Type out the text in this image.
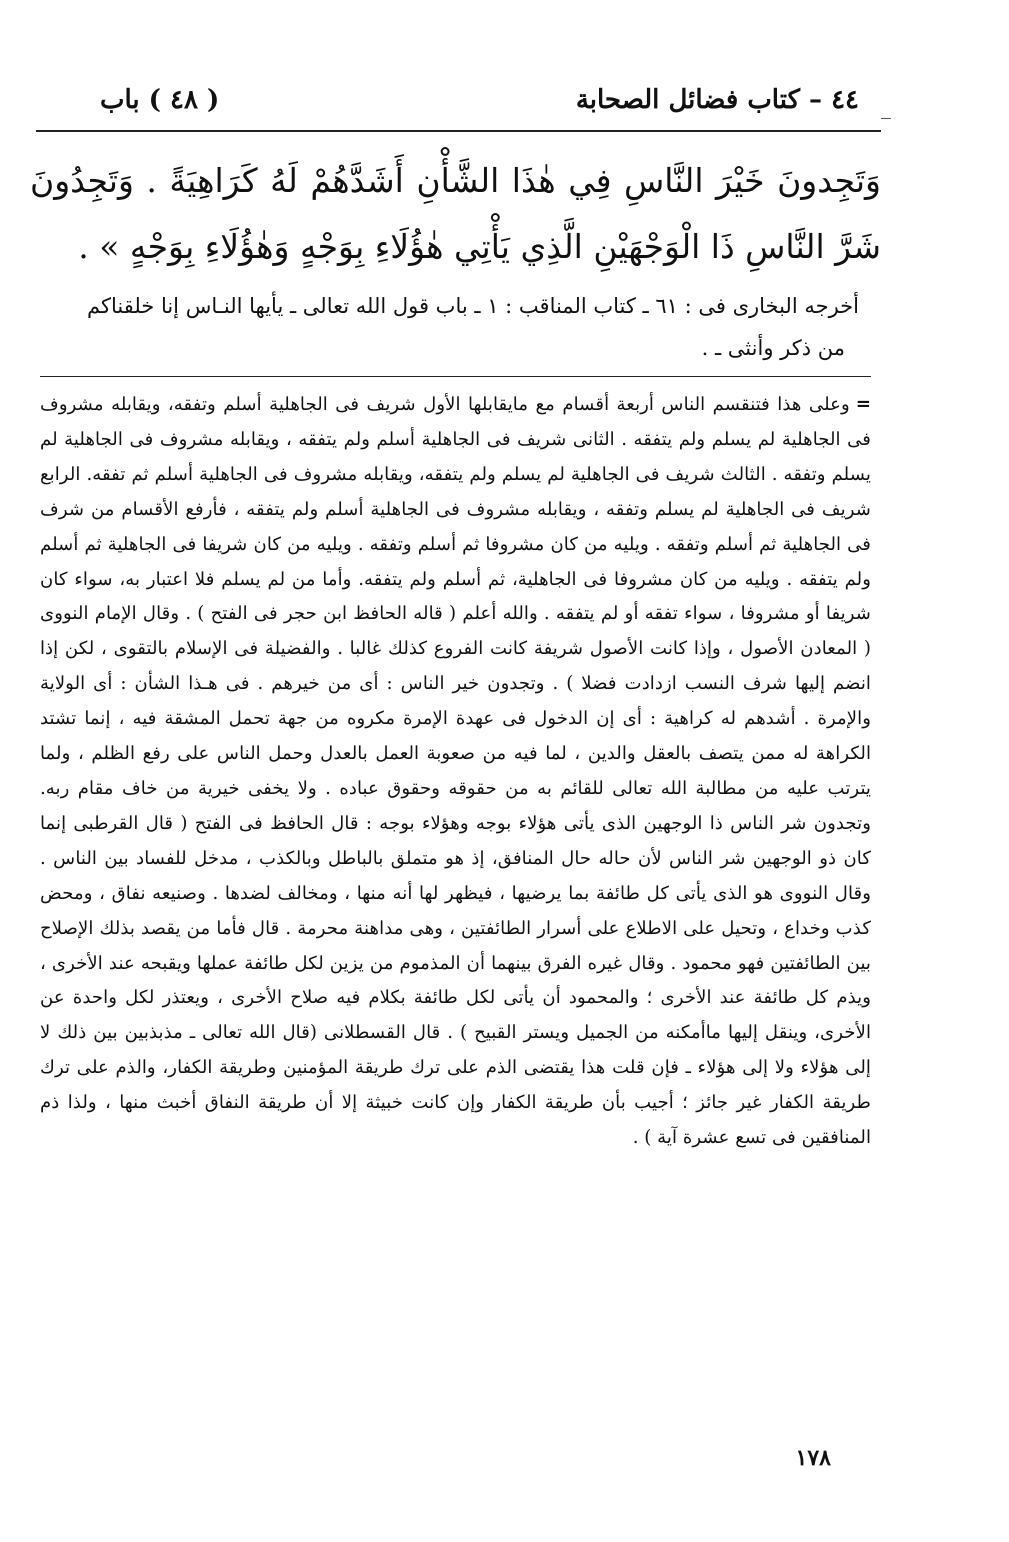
٤٤ – كتاب فضائل الصحابة
( ٤٨ ) باب
وَتَجِدونَ خَيْرَ النَّاسِ فِي هٰذَا الشَّأْنِ أَشَدَّهُمْ لَهُ كَرَاهِيَةً . وَتَجِدُونَ شَرَّ النَّاسِ ذَا الْوَجْهَيْنِ الَّذِي يَأْتِي هٰؤُلَاءِ بِوَجْهٍ وَهٰؤُلَاءِ بِوَجْهٍ » .
أخرجه البخارى فى : ٦١ ـ كتاب المناقب : ١ ـ باب قول الله تعالى ـ يأيها النـاس إنا خلقناكم
من ذكر وأنثى ـ .
=وعلى هذا فتنقسم الناس أربعة أقسام مع مايقابلها الأول شريف فى الجاهلية أسلم وتفقه، ويقابله مشروف فى الجاهلية لم يسلم ولم يتفقه . الثانى شريف فى الجاهلية أسلم ولم يتفقه ، ويقابله مشروف فى الجاهلية لم يسلم وتفقه . الثالث شريف فى الجاهلية لم يسلم ولم يتفقه، ويقابله مشروف فى الجاهلية أسلم ثم تفقه. الرابع شريف فى الجاهلية لم يسلم وتفقه ، ويقابله مشروف فى الجاهلية أسلم ولم يتفقه ، فأرفع الأقسام من شرف فى الجاهلية ثم أسلم وتفقه . ويليه من كان مشروفا ثم أسلم وتفقه . ويليه من كان شريفا فى الجاهلية ثم أسلم ولم يتفقه . ويليه من كان مشروفا فى الجاهلية، ثم أسلم ولم يتفقه. وأما من لم يسلم فلا اعتبار به، سواء كان شريفا أو مشروفا ، سواء تفقه أو لم يتفقه . والله أعلم ( قاله الحافظ ابن حجر فى الفتح ) . وقال الإمام النووى ( المعادن الأصول ، وإذا كانت الأصول شريفة كانت الفروع كذلك غالبا . والفضيلة فى الإسلام بالتقوى ، لكن إذا انضم إليها شرف النسب ازدادت فضلا ) . وتجدون خير الناس : أى من خيرهم . فى هـذا الشأن : أى الولاية والإمرة . أشدهم له كراهية : أى إن الدخول فى عهدة الإمرة مكروه من جهة تحمل المشقة فيه ، إنما تشتد الكراهة له ممن يتصف بالعقل والدين ، لما فيه من صعوبة العمل بالعدل وحمل الناس على رفع الظلم ، ولما يترتب عليه من مطالبة الله تعالى للقائم به من حقوقه وحقوق عباده . ولا يخفى خيرية من خاف مقام ربه. وتجدون شر الناس ذا الوجهين الذى يأتى هؤلاء بوجه وهؤلاء بوجه : قال الحافظ فى الفتح ( قال القرطبى إنما كان ذو الوجهين شر الناس لأن حاله حال المنافق، إذ هو متملق بالباطل وبالكذب ، مدخل للفساد بين الناس . وقال النووى هو الذى يأتى كل طائفة بما يرضيها ، فيظهر لها أنه منها ، ومخالف لضدها . وصنيعه نفاق ، ومحض كذب وخداع ، وتحيل على الاطلاع على أسرار الطائفتين ، وهى مداهنة محرمة . قال فأما من يقصد بذلك الإصلاح بين الطائفتين فهو محمود . وقال غيره الفرق بينهما أن المذموم من يزين لكل طائفة عملها ويقبحه عند الأخرى ، ويذم كل طائفة عند الأخرى ؛ والمحمود أن يأتى لكل طائفة بكلام فيه صلاح الأخرى ، ويعتذر لكل واحدة عن الأخرى، وينقل إليها ماأمكنه من الجميل ويستر القبيح ) . قال القسطلانى (قال الله تعالى ـ مذبذبين بين ذلك لا إلى هؤلاء ولا إلى هؤلاء ـ فإن قلت هذا يقتضى الذم على ترك طريقة المؤمنين وطريقة الكفار، والذم على ترك طريقة الكفار غير جائز ؛ أجيب بأن طريقة الكفار وإن كانت خبيثة إلا أن طريقة النفاق أخبث منها ، ولذا ذم المنافقين فى تسع عشرة آية ) .
١٧٨
